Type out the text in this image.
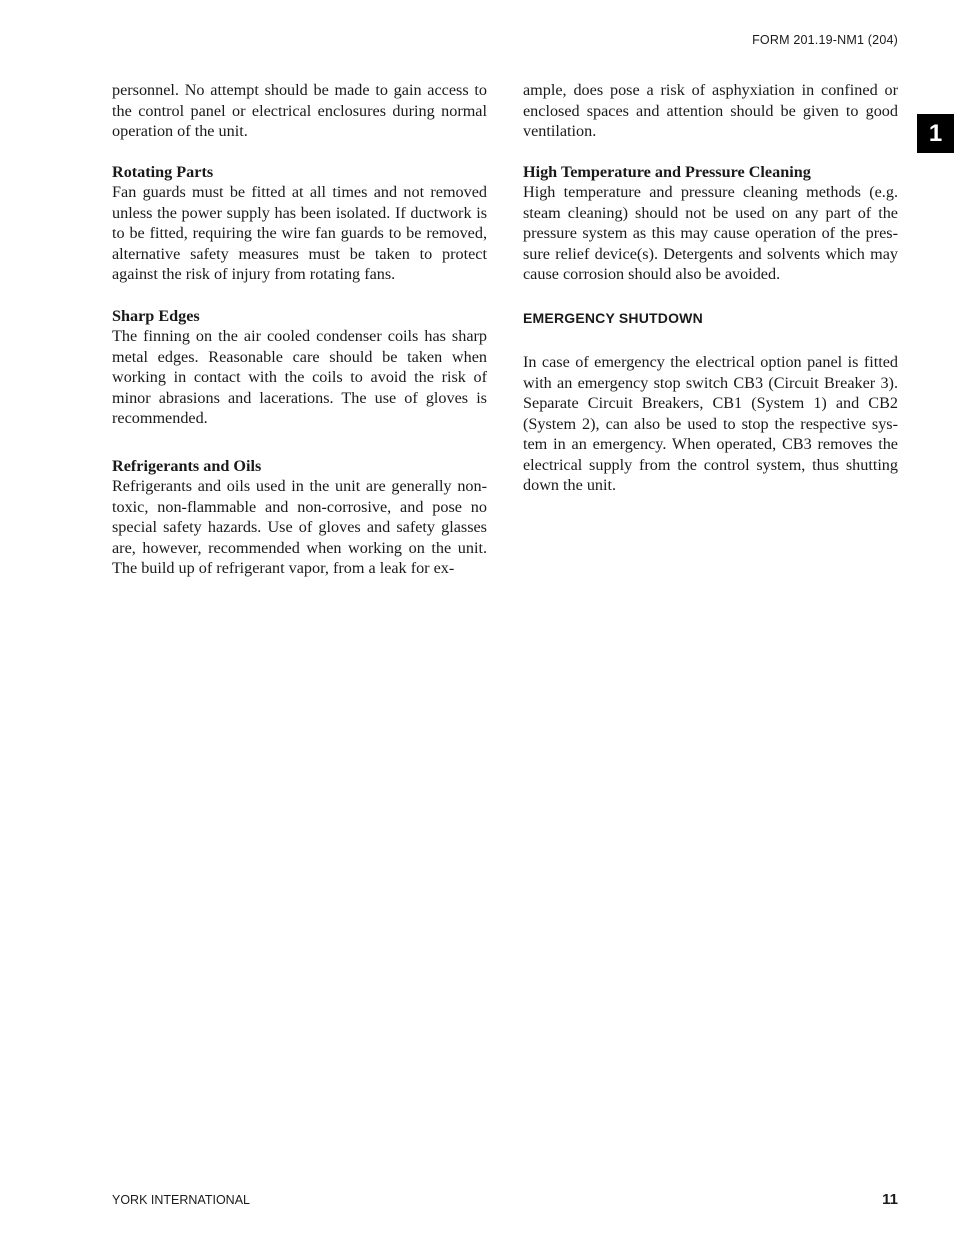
FORM 201.19-NM1 (204)
1

personnel. No attempt should be made to gain access to the control panel or electrical enclosures during normal operation of the unit.

Rotating Parts

Fan guards must be fitted at all times and not removed unless the power supply has been isolated. If ductwork is to be fitted, requiring the wire fan guards to be removed, alternative safety measures must be taken to protect against the risk of injury from rotating fans.

Sharp Edges

The finning on the air cooled condenser coils has sharp metal edges. Reasonable care should be taken when working in contact with the coils to avoid the risk of minor abrasions and lacerations. The use of gloves is recommended.

Refrigerants and Oils

Refrigerants and oils used in the unit are generally non-toxic, non-flammable and non-corrosive, and pose no special safety hazards. Use of gloves and safety glasses are, however, recommended when working on the unit. The build up of refrigerant vapor, from a leak for ex-

ample, does pose a risk of asphyxiation in confined or enclosed spaces and attention should be given to good ventilation.

High Temperature and Pressure Cleaning

High temperature and pressure cleaning methods (e.g. steam cleaning) should not be used on any part of the pressure system as this may cause operation of the pres-sure relief device(s). Detergents and solvents which may cause corrosion should also be avoided.

EMERGENCY SHUTDOWN

In case of emergency the electrical option panel is fitted with an emergency stop switch CB3 (Circuit Breaker 3). Separate Circuit Breakers, CB1 (System 1) and CB2 (System 2), can also be used to stop the respective sys-tem in an emergency. When operated, CB3 removes the electrical supply from the control system, thus shutting down the unit.

YORK INTERNATIONAL	11
